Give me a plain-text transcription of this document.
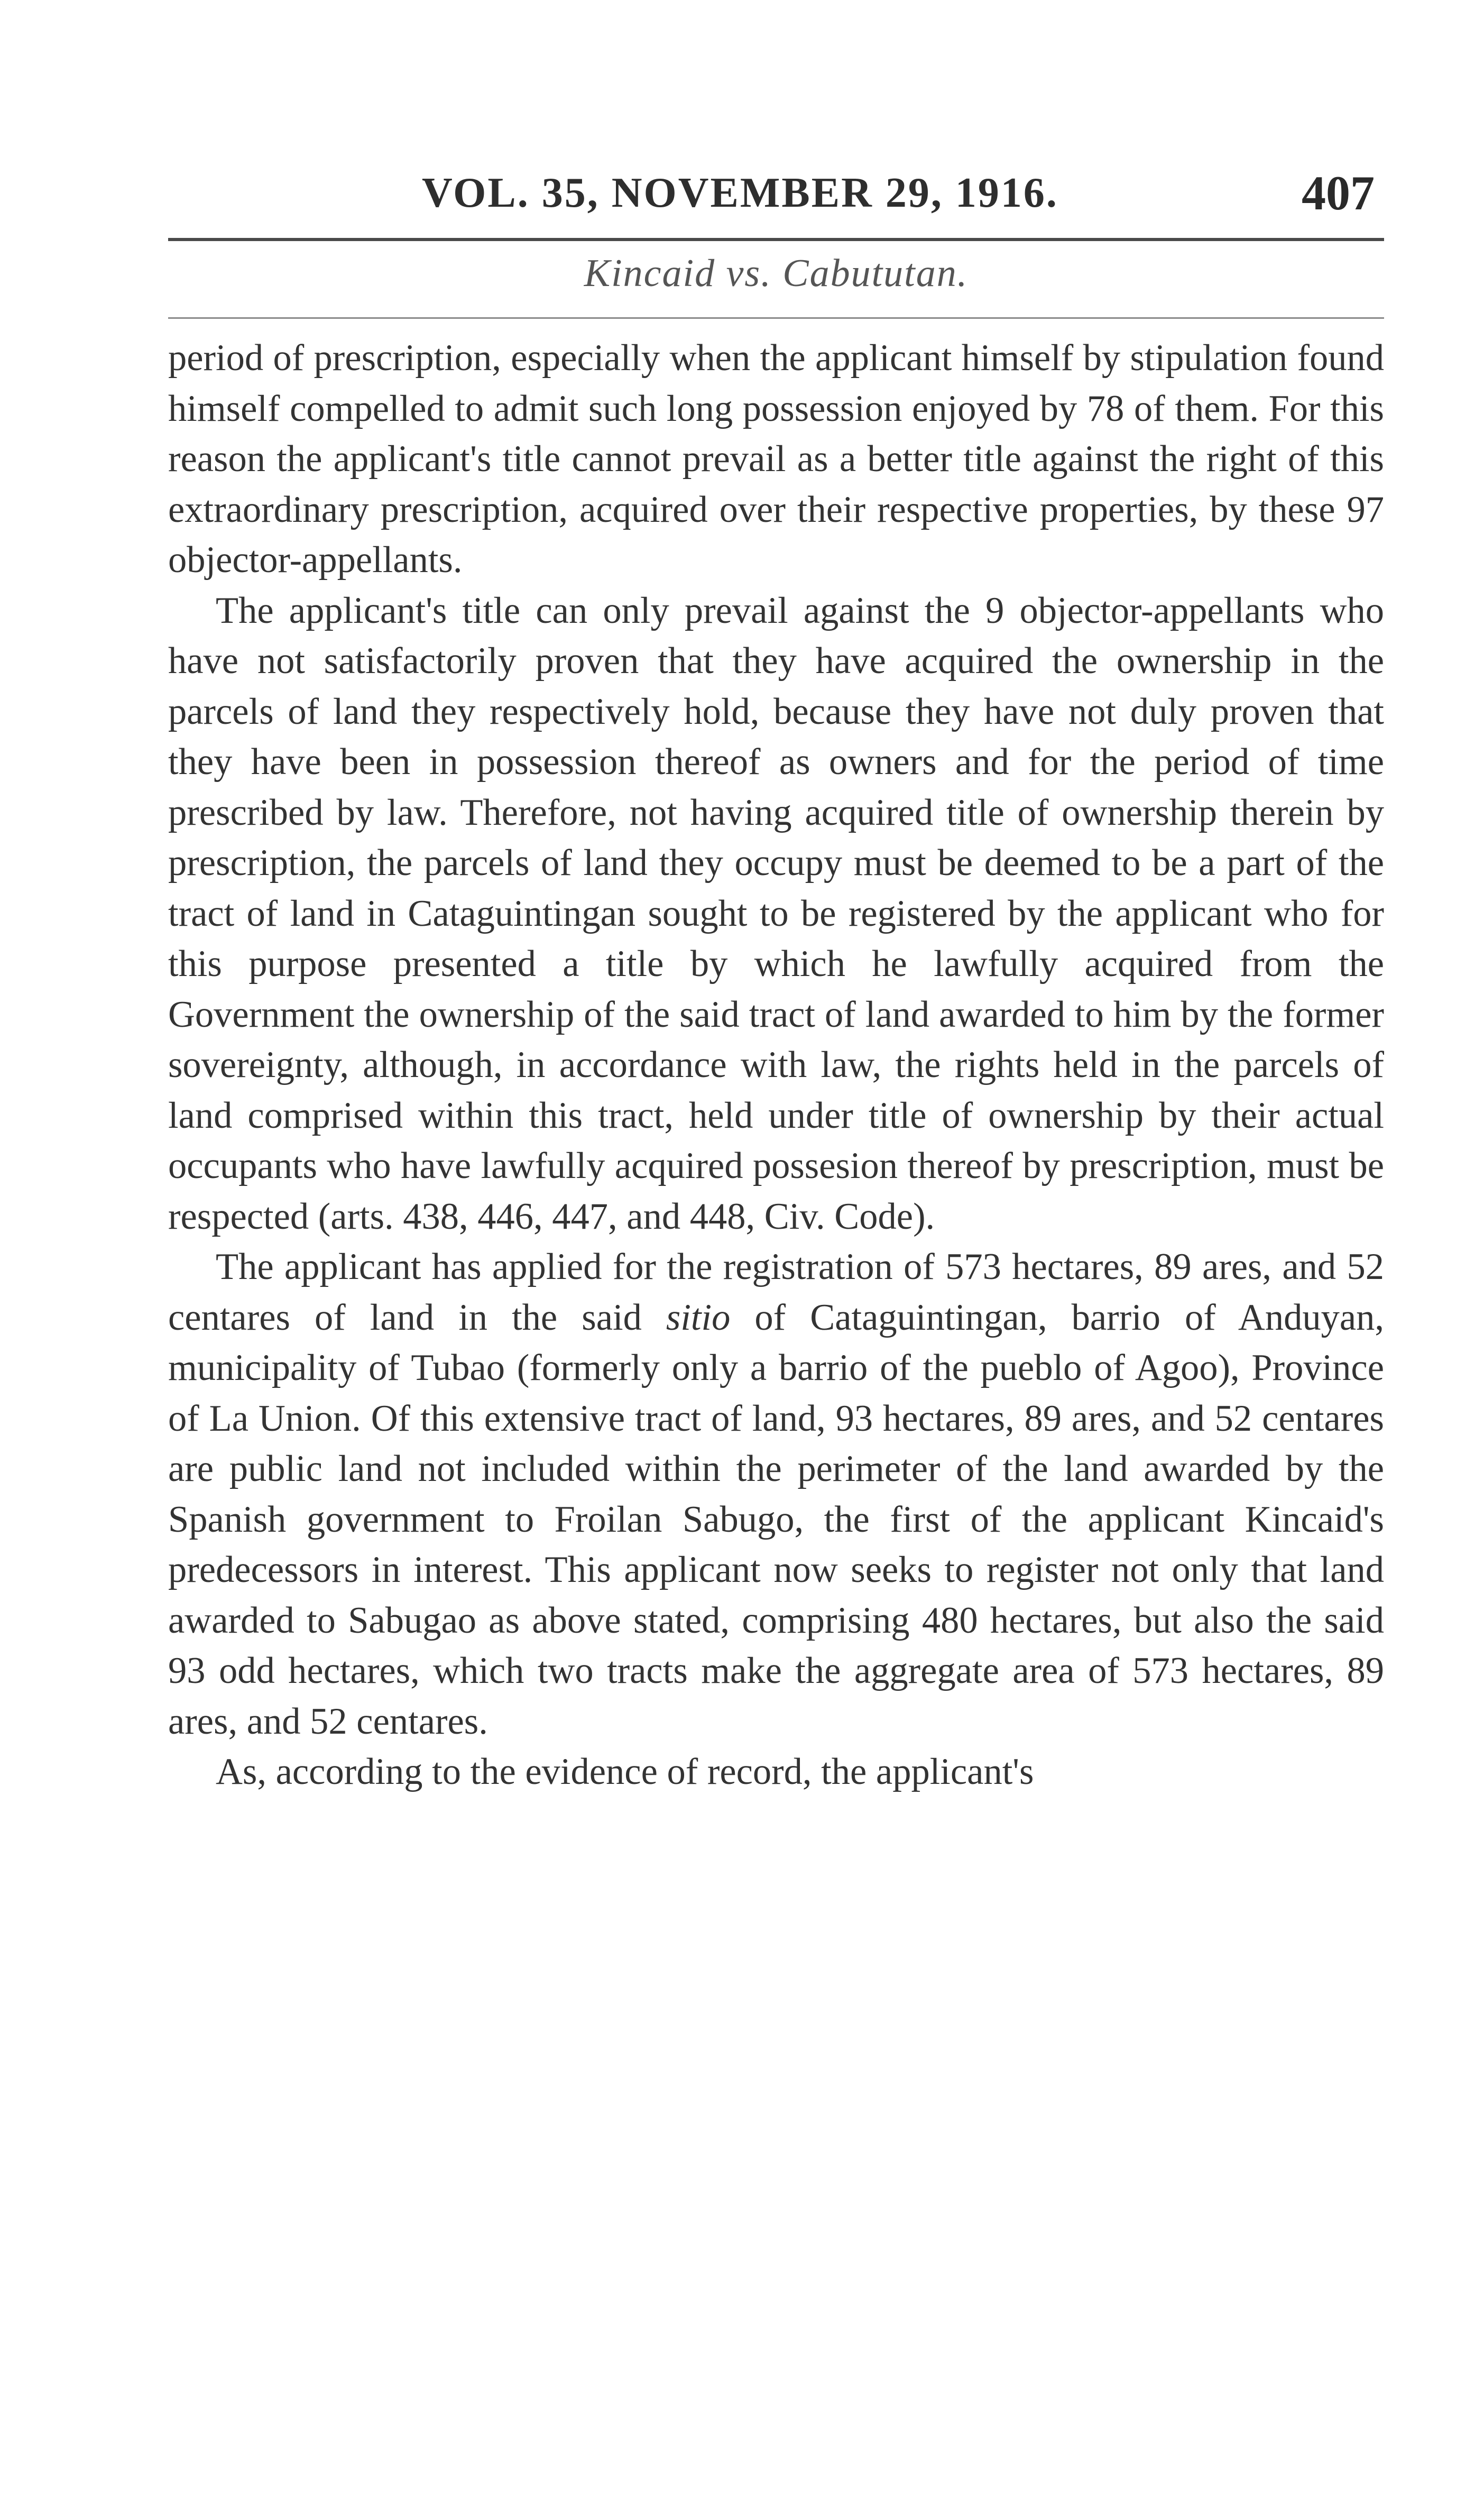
VOL. 35, NOVEMBER 29, 1916.	407
Kincaid vs. Cabututan.

period of prescription, especially when the applicant himself by stipulation found himself compelled to admit such long possession enjoyed by 78 of them. For this reason the applicant's title cannot prevail as a better title against the right of this extraordinary prescription, acquired over their respective properties, by these 97 objector-appellants.

The applicant's title can only prevail against the 9 objector-appellants who have not satisfactorily proven that they have acquired the ownership in the parcels of land they respectively hold, because they have not duly proven that they have been in possession thereof as owners and for the period of time prescribed by law. Therefore, not having acquired title of ownership therein by prescription, the parcels of land they occupy must be deemed to be a part of the tract of land in Cataguintingan sought to be registered by the applicant who for this purpose presented a title by which he lawfully acquired from the Government the ownership of the said tract of land awarded to him by the former sovereignty, although, in accordance with law, the rights held in the parcels of land comprised within this tract, held under title of ownership by their actual occupants who have lawfully acquired possesion thereof by prescription, must be respected (arts. 438, 446, 447, and 448, Civ. Code).

The applicant has applied for the registration of 573 hectares, 89 ares, and 52 centares of land in the said sitio of Cataguintingan, barrio of Anduyan, municipality of Tubao (formerly only a barrio of the pueblo of Agoo), Province of La Union. Of this extensive tract of land, 93 hectares, 89 ares, and 52 centares are public land not included within the perimeter of the land awarded by the Spanish government to Froilan Sabugo, the first of the applicant Kincaid's predecessors in interest. This applicant now seeks to register not only that land awarded to Sabugao as above stated, comprising 480 hectares, but also the said 93 odd hectares, which two tracts make the aggregate area of 573 hectares, 89 ares, and 52 centares.

As, according to the evidence of record, the applicant's
